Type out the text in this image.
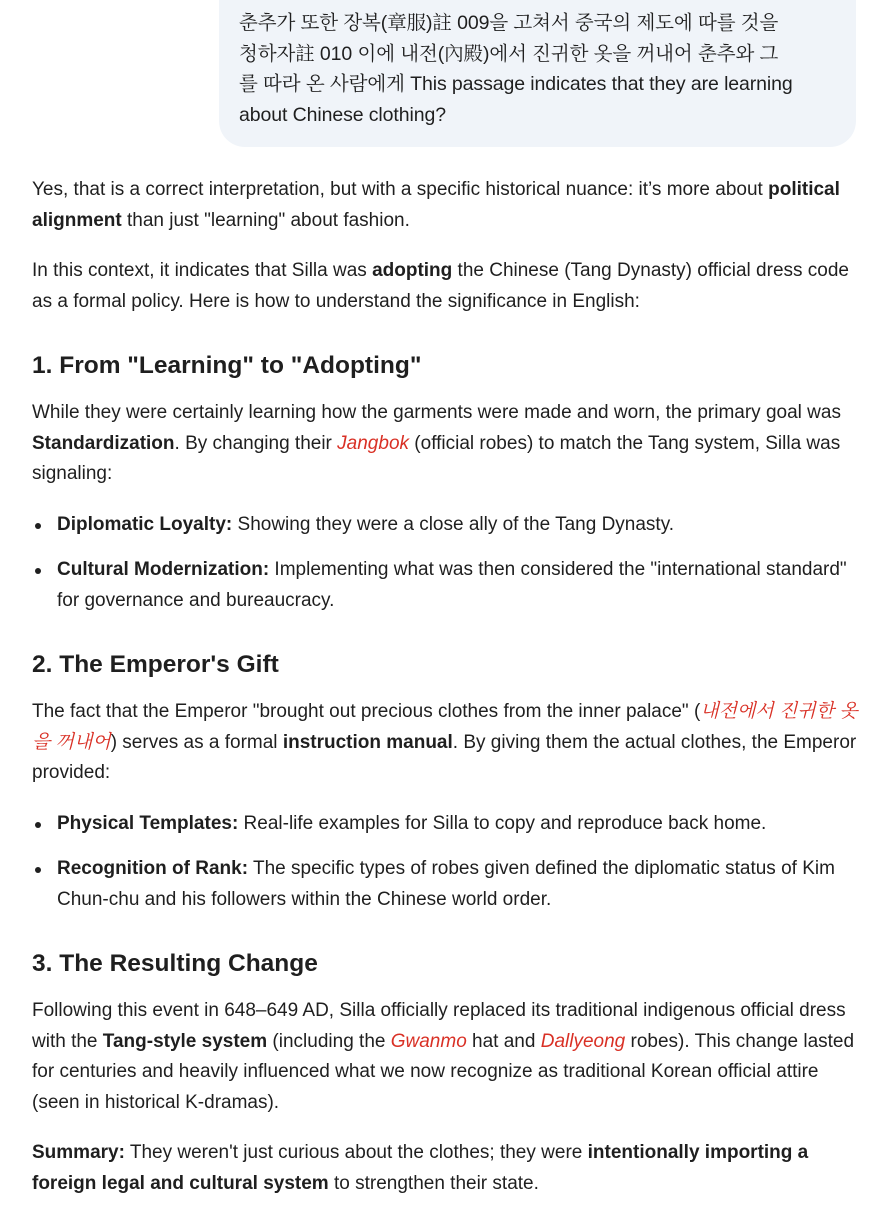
춘추가 또한 장복(章服)註 009을 고쳐서 중국의 제도에 따를 것을 청하자註 010 이에 내전(內殿)에서 진귀한 옷을 꺼내어 춘추와 그를 따라 온 사람에게 This passage indicates that they are learning about Chinese clothing?

Yes, that is a correct interpretation, but with a specific historical nuance: it’s more about political alignment than just "learning" about fashion.

In this context, it indicates that Silla was adopting the Chinese (Tang Dynasty) official dress code as a formal policy. Here is how to understand the significance in English:

1. From "Learning" to "Adopting"

While they were certainly learning how the garments were made and worn, the primary goal was Standardization. By changing their Jangbok (official robes) to match the Tang system, Silla was signaling:

Diplomatic Loyalty: Showing they were a close ally of the Tang Dynasty.
Cultural Modernization: Implementing what was then considered the "international standard" for governance and bureaucracy.
2. The Emperor's Gift

The fact that the Emperor "brought out precious clothes from the inner palace" (내전에서 진귀한 옷을 꺼내어) serves as a formal instruction manual. By giving them the actual clothes, the Emperor provided:

Physical Templates: Real-life examples for Silla to copy and reproduce back home.
Recognition of Rank: The specific types of robes given defined the diplomatic status of Kim Chun-chu and his followers within the Chinese world order.
3. The Resulting Change

Following this event in 648–649 AD, Silla officially replaced its traditional indigenous official dress with the Tang-style system (including the Gwanmo hat and Dallyeong robes). This change lasted for centuries and heavily influenced what we now recognize as traditional Korean official attire (seen in historical K-dramas).

Summary: They weren't just curious about the clothes; they were intentionally importing a foreign legal and cultural system to strengthen their state.
